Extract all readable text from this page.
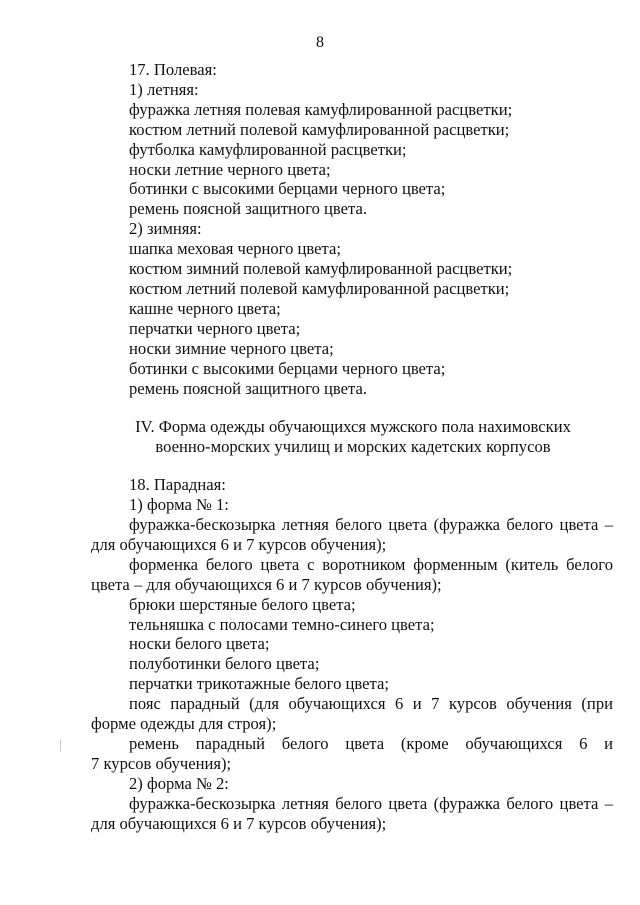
8
17. Полевая:
1) летняя:
фуражка летняя полевая камуфлированной расцветки;
костюм летний полевой камуфлированной расцветки;
футболка камуфлированной расцветки;
носки летние черного цвета;
ботинки с высокими берцами черного цвета;
ремень поясной защитного цвета.
2) зимняя:
шапка меховая черного цвета;
костюм зимний полевой камуфлированной расцветки;
костюм летний полевой камуфлированной расцветки;
кашне черного цвета;
перчатки черного цвета;
носки зимние черного цвета;
ботинки с высокими берцами черного цвета;
ремень поясной защитного цвета.
IV. Форма одежды обучающихся мужского пола нахимовских
военно-морских училищ и морских кадетских корпусов
18. Парадная:
1) форма № 1:
фуражка-бескозырка летняя белого цвета (фуражка белого цвета –
для обучающихся 6 и 7 курсов обучения);
форменка белого цвета с воротником форменным (китель белого
цвета – для обучающихся 6 и 7 курсов обучения);
брюки шерстяные белого цвета;
тельняшка с полосами темно-синего цвета;
носки белого цвета;
полуботинки белого цвета;
перчатки трикотажные белого цвета;
пояс парадный (для обучающихся 6 и 7 курсов обучения (при
форме одежды для строя);
ремень парадный белого цвета (кроме обучающихся 6 и
7 курсов обучения);
2) форма № 2:
фуражка-бескозырка летняя белого цвета (фуражка белого цвета –
для обучающихся 6 и 7 курсов обучения);
